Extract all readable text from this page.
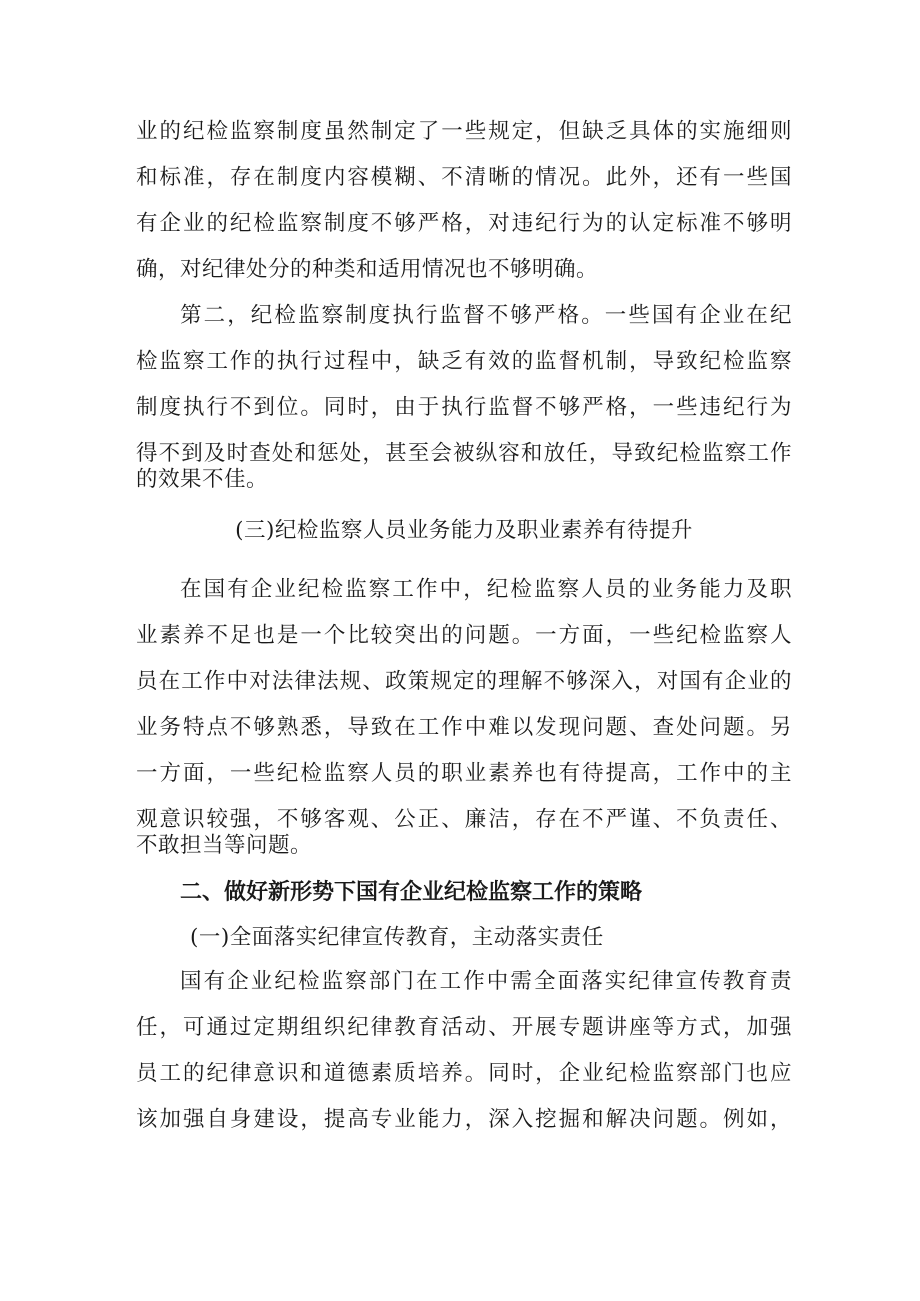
业的纪检监察制度虽然制定了一些规定，但缺乏具体的实施细则
和标准，存在制度内容模糊、不清晰的情况。此外，还有一些国
有企业的纪检监察制度不够严格，对违纪行为的认定标准不够明
确，对纪律处分的种类和适用情况也不够明确。
第二，纪检监察制度执行监督不够严格。一些国有企业在纪
检监察工作的执行过程中，缺乏有效的监督机制，导致纪检监察
制度执行不到位。同时，由于执行监督不够严格，一些违纪行为
得不到及时查处和惩处，甚至会被纵容和放任，导致纪检监察工作
的效果不佳。
(三)纪检监察人员业务能力及职业素养有待提升
在国有企业纪检监察工作中，纪检监察人员的业务能力及职
业素养不足也是一个比较突出的问题。一方面，一些纪检监察人
员在工作中对法律法规、政策规定的理解不够深入，对国有企业的
业务特点不够熟悉，导致在工作中难以发现问题、查处问题。另
一方面，一些纪检监察人员的职业素养也有待提高，工作中的主
观意识较强，不够客观、公正、廉洁，存在不严谨、不负责任、
不敢担当等问题。
二、做好新形势下国有企业纪检监察工作的策略
(一)全面落实纪律宣传教育，主动落实责任
国有企业纪检监察部门在工作中需全面落实纪律宣传教育责
任，可通过定期组织纪律教育活动、开展专题讲座等方式，加强
员工的纪律意识和道德素质培养。同时，企业纪检监察部门也应
该加强自身建设，提高专业能力，深入挖掘和解决问题。例如，
